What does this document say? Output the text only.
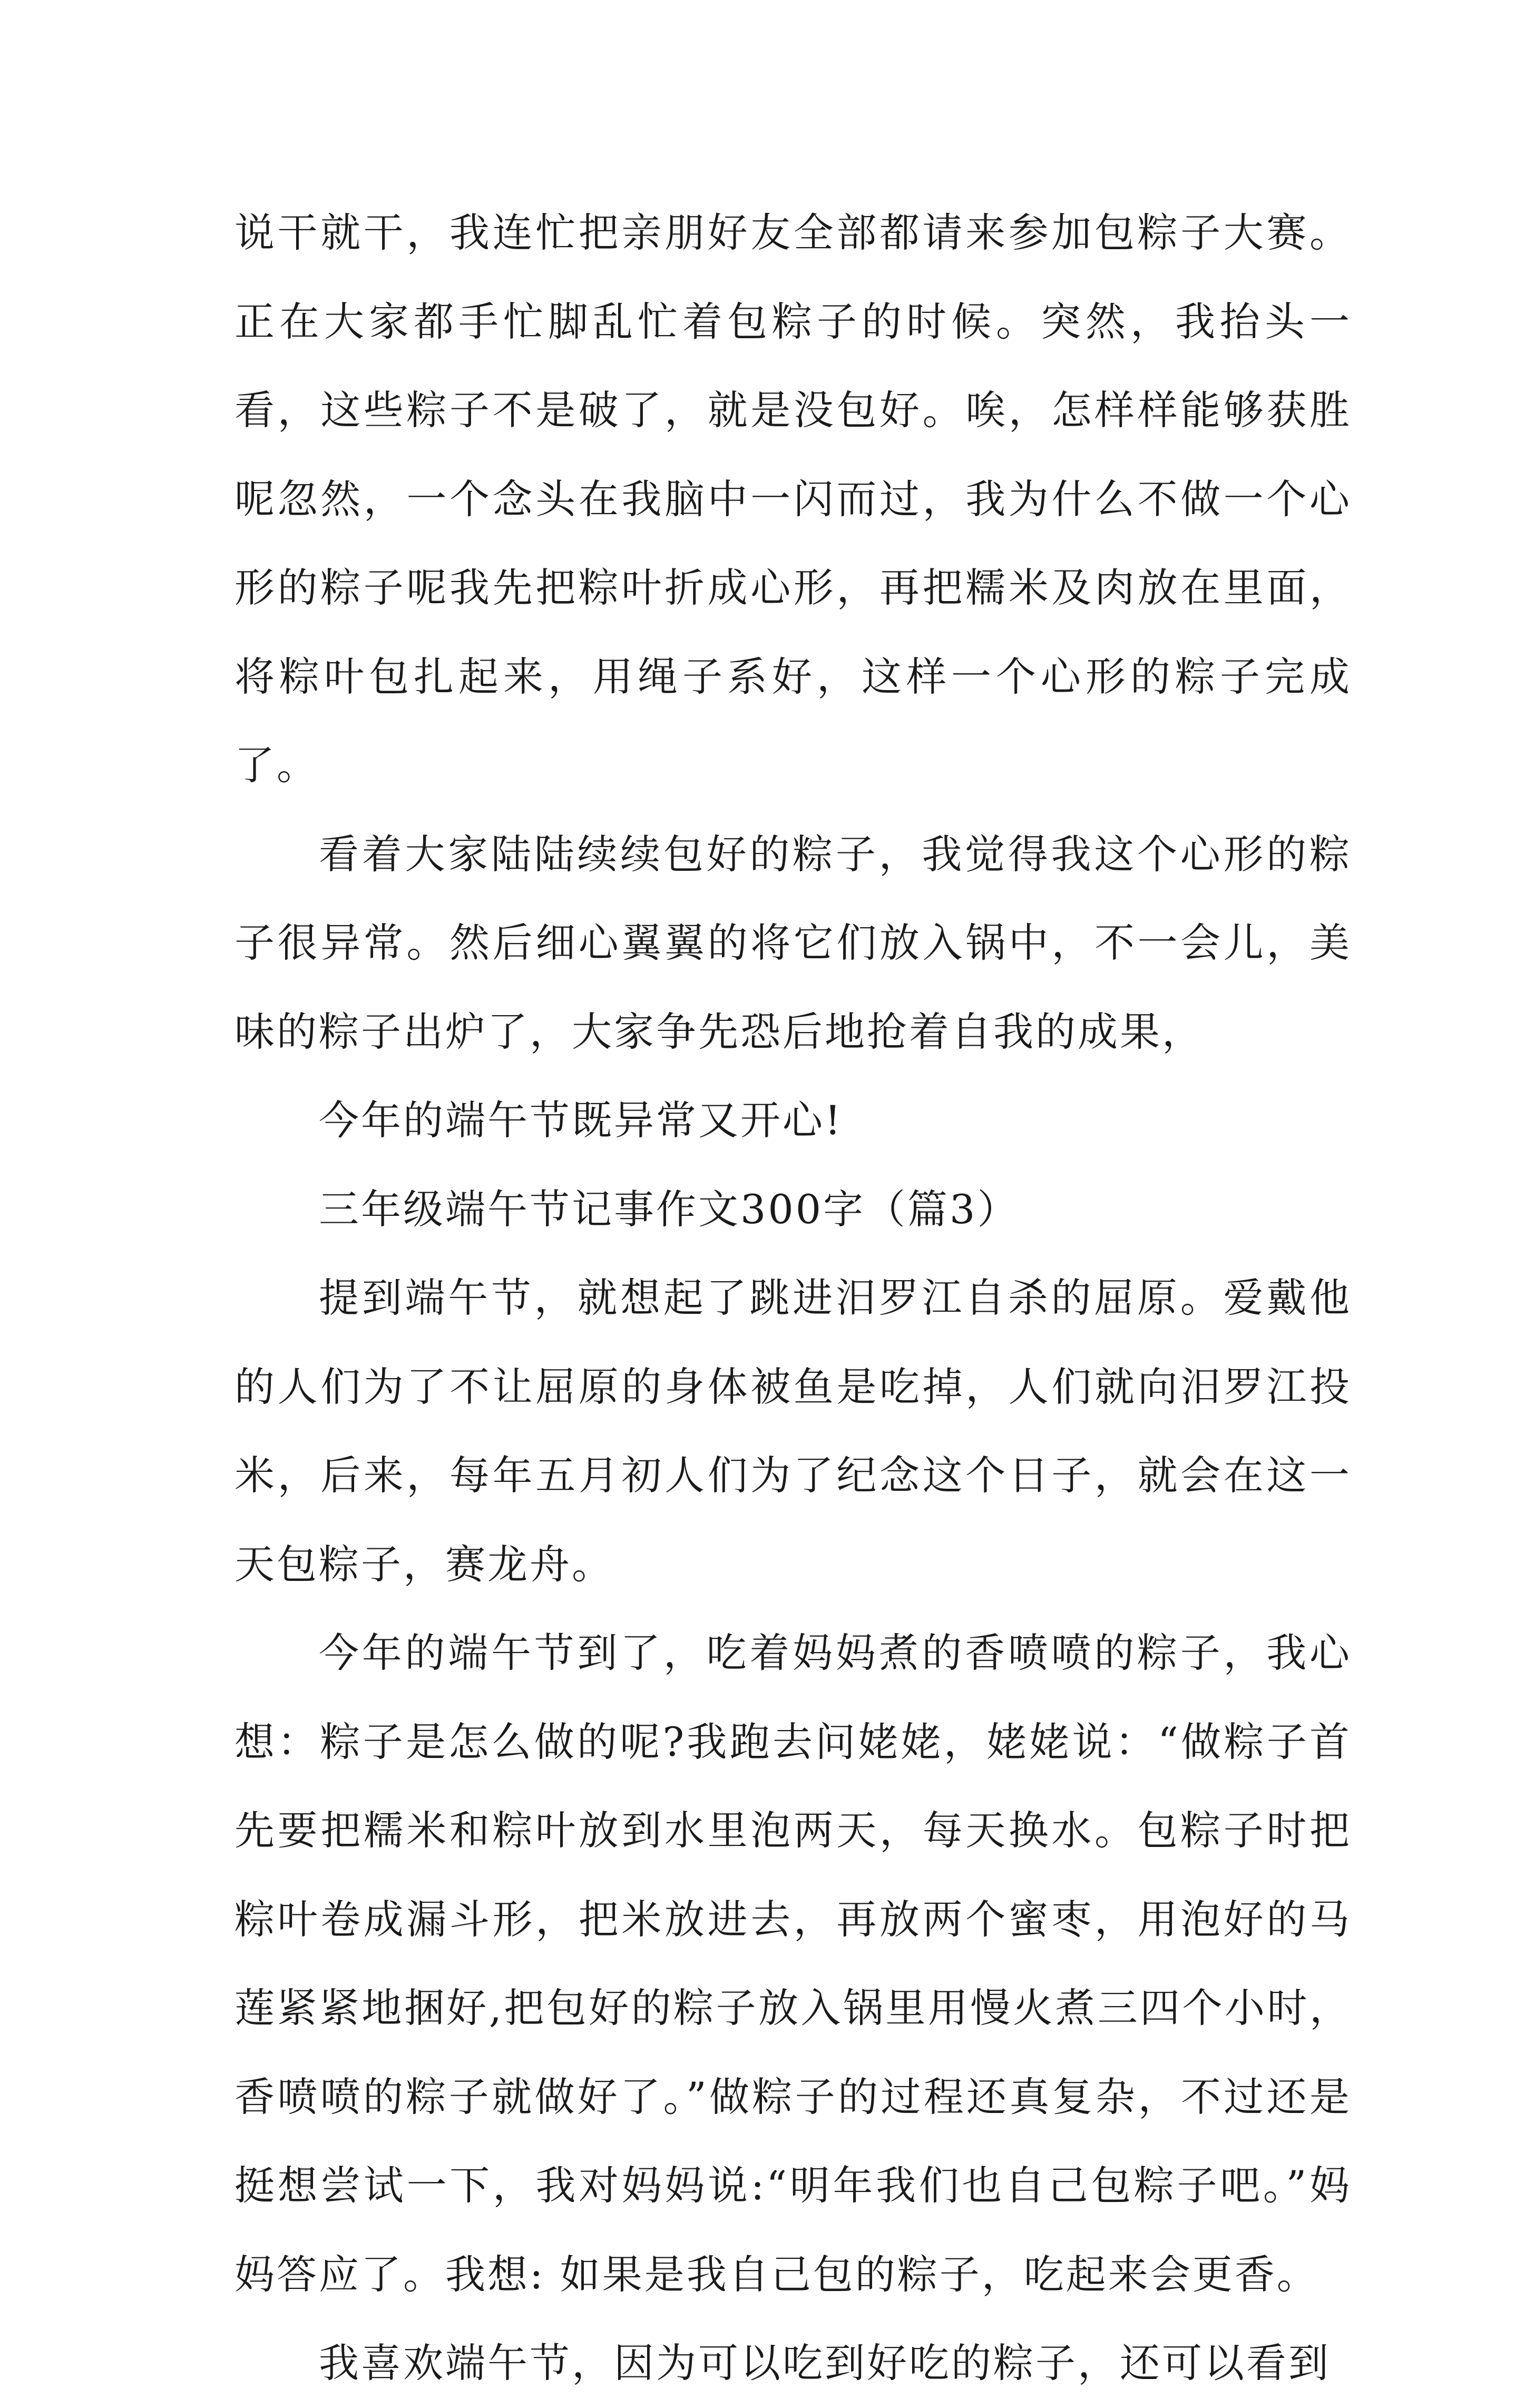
说干就干，我连忙把亲朋好友全部都请来参加包粽子大赛。正在大家都手忙脚乱忙着包粽子的时候。突然，我抬头一看，这些粽子不是破了，就是没包好。唉，怎样样能够获胜呢忽然，一个念头在我脑中一闪而过，我为什么不做一个心形的粽子呢我先把粽叶折成心形，再把糯米及肉放在里面，将粽叶包扎起来，用绳子系好，这样一个心形的粽子完成了。

看着大家陆陆续续包好的粽子，我觉得我这个心形的粽子很异常。然后细心翼翼的将它们放入锅中，不一会儿，美味的粽子出炉了，大家争先恐后地抢着自我的成果，

今年的端午节既异常又开心!

三年级端午节记事作文300字（篇3）

提到端午节，就想起了跳进汨罗江自杀的屈原。爱戴他的人们为了不让屈原的身体被鱼是吃掉，人们就向汨罗江投米，后来，每年五月初人们为了纪念这个日子，就会在这一天包粽子，赛龙舟。

今年的端午节到了，吃着妈妈煮的香喷喷的粽子，我心想：粽子是怎么做的呢?我跑去问姥姥，姥姥说：“做粽子首先要把糯米和粽叶放到水里泡两天，每天换水。包粽子时把粽叶卷成漏斗形，把米放进去，再放两个蜜枣，用泡好的马莲紧紧地捆好,把包好的粽子放入锅里用慢火煮三四个小时，香喷喷的粽子就做好了。”做粽子的过程还真复杂，不过还是挺想尝试一下，我对妈妈说:“明年我们也自己包粽子吧。”妈妈答应了。我想: 如果是我自己包的粽子，吃起来会更香。

我喜欢端午节，因为可以吃到好吃的粽子，还可以看到
